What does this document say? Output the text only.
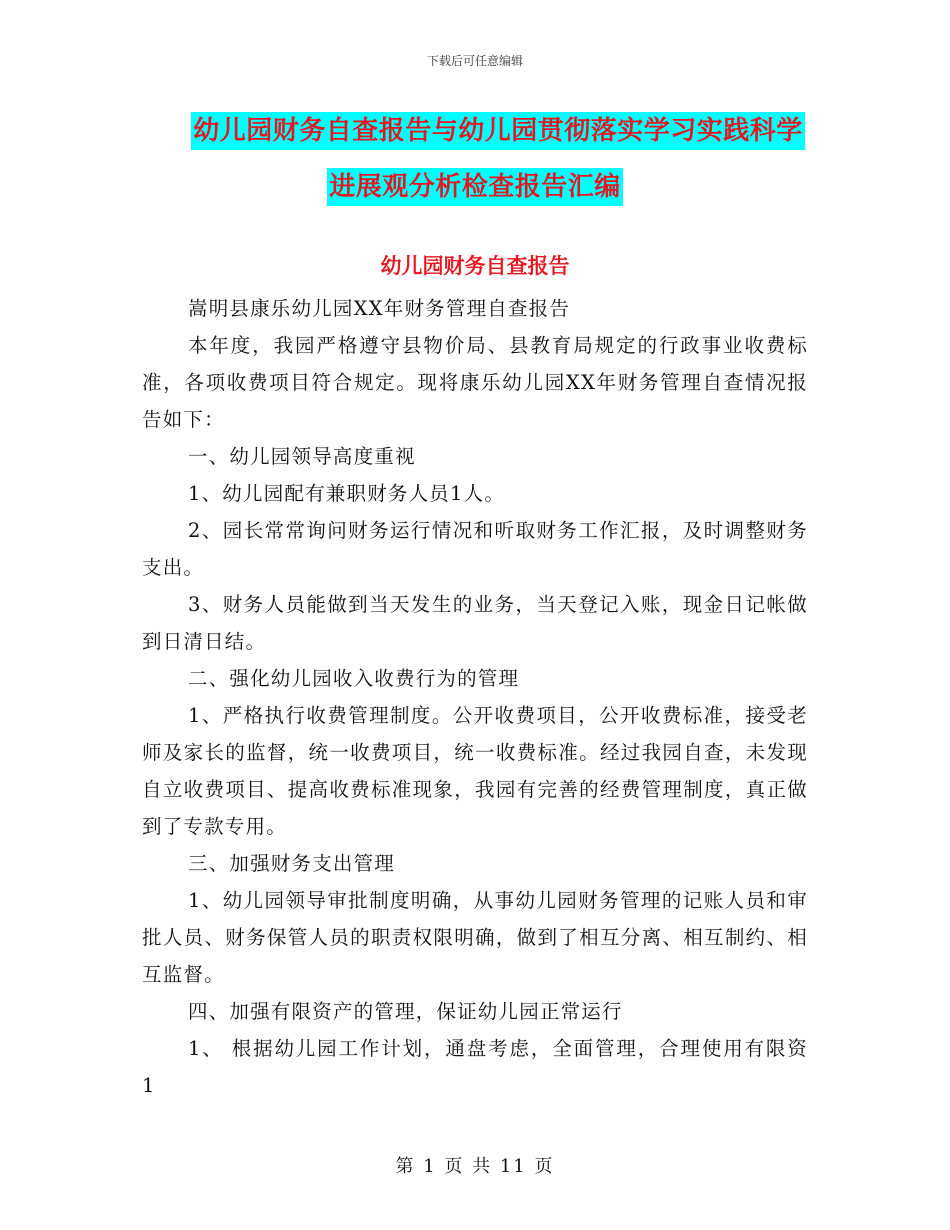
下载后可任意编辑
幼儿园财务自查报告与幼儿园贯彻落实学习实践科学
进展观分析检查报告汇编
幼儿园财务自查报告

嵩明县康乐幼儿园XX年财务管理自查报告

本年度，我园严格遵守县物价局、县教育局规定的行政事业收费标准，各项收费项目符合规定。现将康乐幼儿园XX年财务管理自查情况报告如下：

一、幼儿园领导高度重视

1、幼儿园配有兼职财务人员1人。

2、园长常常询问财务运行情况和听取财务工作汇报，及时调整财务支出。

3、财务人员能做到当天发生的业务，当天登记入账，现金日记帐做到日清日结。

二、强化幼儿园收入收费行为的管理

1、严格执行收费管理制度。公开收费项目，公开收费标准，接受老师及家长的监督，统一收费项目，统一收费标准。经过我园自查，未发现自立收费项目、提高收费标准现象，我园有完善的经费管理制度，真正做到了专款专用。

三、加强财务支出管理

1、幼儿园领导审批制度明确，从事幼儿园财务管理的记账人员和审批人员、财务保管人员的职责权限明确，做到了相互分离、相互制约、相互监督。

四、加强有限资产的管理，保证幼儿园正常运行

1、 根据幼儿园工作计划，通盘考虑，全面管理，合理使用有限资 1

第 1 页 共 11 页
